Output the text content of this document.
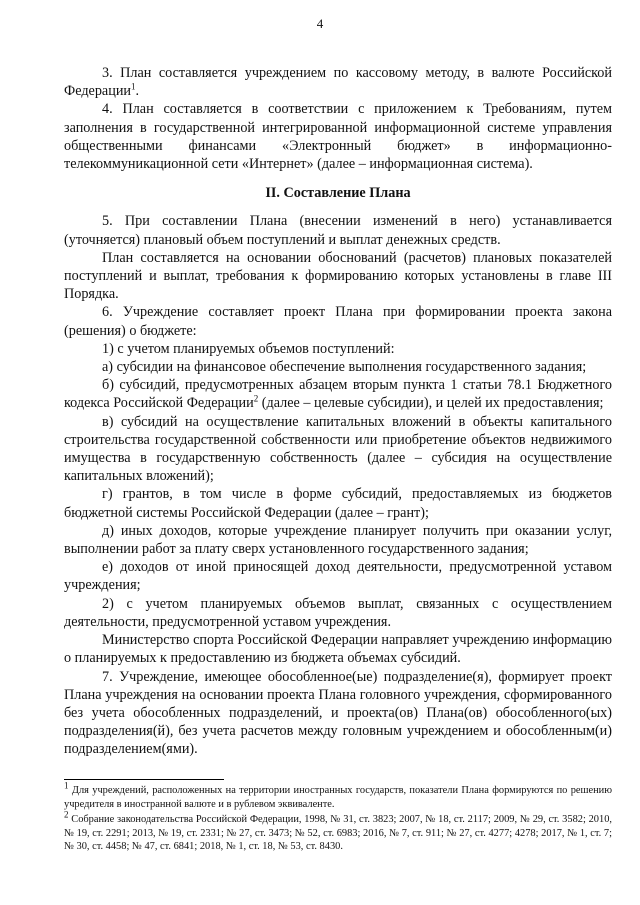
4

3. План составляется учреждением по кассовому методу, в валюте Российской Федерации$^1$.

4. План составляется в соответствии с приложением к Требованиям, путем заполнения в государственной интегрированной информационной системе управления общественными финансами «Электронный бюджет» в информационно-телекоммуникационной сети «Интернет» (далее – информационная система).

II. Составление Плана

5. При составлении Плана (внесении изменений в него) устанавливается (уточняется) плановый объем поступлений и выплат денежных средств.

План составляется на основании обоснований (расчетов) плановых показателей поступлений и выплат, требования к формированию которых установлены в главе III Порядка.

6. Учреждение составляет проект Плана при формировании проекта закона (решения) о бюджете:

1) с учетом планируемых объемов поступлений:

а) субсидии на финансовое обеспечение выполнения государственного задания;

б) субсидий, предусмотренных абзацем вторым пункта 1 статьи 78.1 Бюджетного кодекса Российской Федерации$^2$ (далее – целевые субсидии), и целей их предоставления;

в) субсидий на осуществление капитальных вложений в объекты капитального строительства государственной собственности или приобретение объектов недвижимого имущества в государственную собственность (далее – субсидия на осуществление капитальных вложений);

г) грантов, в том числе в форме субсидий, предоставляемых из бюджетов бюджетной системы Российской Федерации (далее – грант);

д) иных доходов, которые учреждение планирует получить при оказании услуг, выполнении работ за плату сверх установленного государственного задания;

е) доходов от иной приносящей доход деятельности, предусмотренной уставом учреждения;

2) с учетом планируемых объемов выплат, связанных с осуществлением деятельности, предусмотренной уставом учреждения.

Министерство спорта Российской Федерации направляет учреждению информацию о планируемых к предоставлению из бюджета объемах субсидий.

7. Учреждение, имеющее обособленное(ые) подразделение(я), формирует проект Плана учреждения на основании проекта Плана головного учреждения, сформированного без учета обособленных подразделений, и проекта(ов) Плана(ов) обособленного(ых) подразделения(й), без учета расчетов между головным учреждением и обособленным(и) подразделением(ями).

$^1$ Для учреждений, расположенных на территории иностранных государств, показатели Плана формируются по решению учредителя в иностранной валюте и в рублевом эквиваленте.

$^2$ Собрание законодательства Российской Федерации, 1998, № 31, ст. 3823; 2007, № 18, ст. 2117; 2009, № 29, ст. 3582; 2010, № 19, ст. 2291; 2013, № 19, ст. 2331; № 27, ст. 3473; № 52, ст. 6983; 2016, № 7, ст. 911; № 27, ст. 4277; 4278; 2017, № 1, ст. 7; № 30, ст. 4458; № 47, ст. 6841; 2018, № 1, ст. 18, № 53, ст. 8430.
